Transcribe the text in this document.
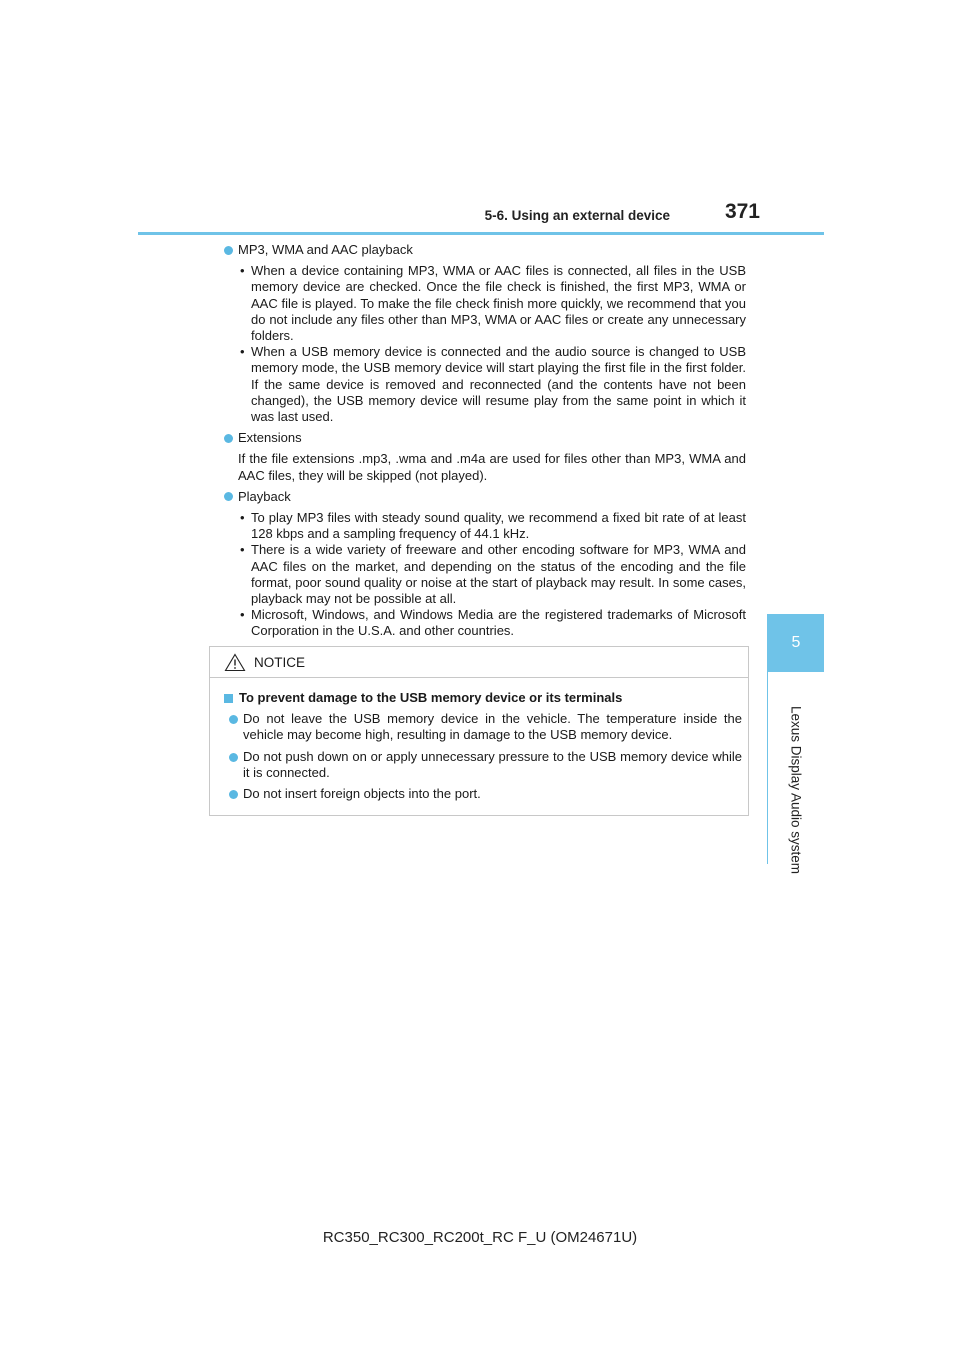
5-6. Using an external device	371
5
Lexus Display Audio system
MP3, WMA and AAC playback
• When a device containing MP3, WMA or AAC files is connected, all files in the USB memory device are checked. Once the file check is finished, the first MP3, WMA or AAC file is played. To make the file check finish more quickly, we recommend that you do not include any files other than MP3, WMA or AAC files or create any unnecessary folders.
• When a USB memory device is connected and the audio source is changed to USB memory mode, the USB memory device will start playing the first file in the first folder. If the same device is removed and reconnected (and the contents have not been changed), the USB memory device will resume play from the same point in which it was last used.
Extensions
If the file extensions .mp3, .wma and .m4a are used for files other than MP3, WMA and AAC files, they will be skipped (not played).
Playback
• To play MP3 files with steady sound quality, we recommend a fixed bit rate of at least 128 kbps and a sampling frequency of 44.1 kHz.
• There is a wide variety of freeware and other encoding software for MP3, WMA and AAC files on the market, and depending on the status of the encoding and the file format, poor sound quality or noise at the start of playback may result. In some cases, playback may not be possible at all.
• Microsoft, Windows, and Windows Media are the registered trademarks of Microsoft Corporation in the U.S.A. and other countries.
NOTICE
To prevent damage to the USB memory device or its terminals
Do not leave the USB memory device in the vehicle. The temperature inside the vehicle may become high, resulting in damage to the USB memory device.
Do not push down on or apply unnecessary pressure to the USB memory device while it is connected.
Do not insert foreign objects into the port.
RC350_RC300_RC200t_RC F_U (OM24671U)
